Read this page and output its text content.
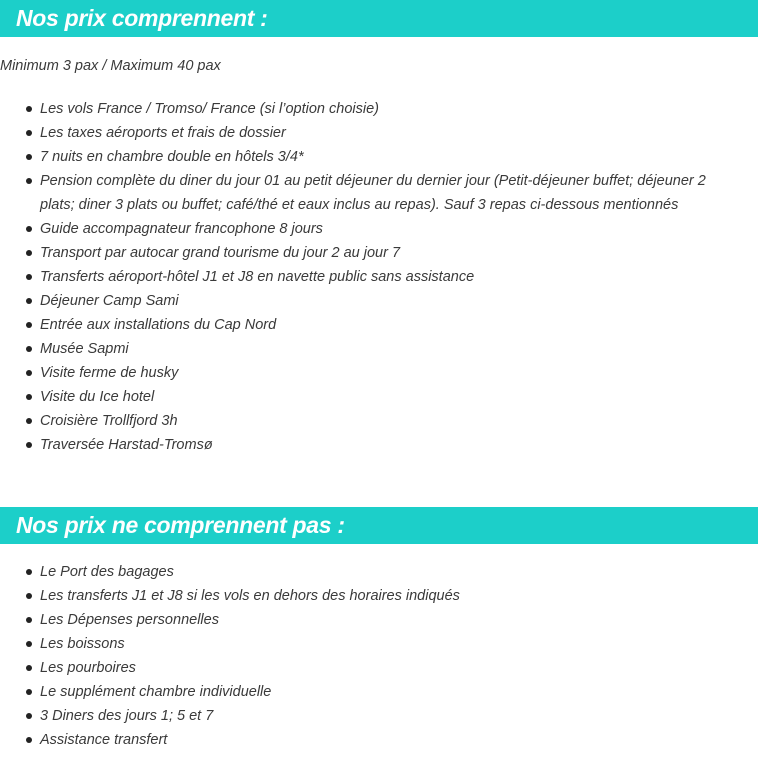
Nos prix comprennent :

Minimum 3 pax / Maximum 40 pax

Les vols France / Tromso/ France (si l’option choisie)
Les taxes aéroports et frais de dossier
7 nuits en chambre double en hôtels 3/4*
Pension complète du diner du jour 01 au petit déjeuner du dernier jour (Petit-déjeuner buffet; déjeuner 2 plats; diner 3 plats ou buffet; café/thé et eaux inclus au repas). Sauf 3 repas ci-dessous mentionnés
Guide accompagnateur francophone 8 jours
Transport par autocar grand tourisme du jour 2 au jour 7
Transferts aéroport-hôtel J1 et J8 en navette public sans assistance
Déjeuner Camp Sami
Entrée aux installations du Cap Nord
Musée Sapmi
Visite ferme de husky
Visite du Ice hotel
Croisière Trollfjord 3h
Traversée Harstad-Tromsø
Nos prix ne comprennent pas :
Le Port des bagages
Les transferts J1 et J8 si les vols en dehors des horaires indiqués
Les Dépenses personnelles
Les boissons
Les pourboires
Le supplément chambre individuelle
3 Diners des jours 1; 5 et 7
Assistance transfert
